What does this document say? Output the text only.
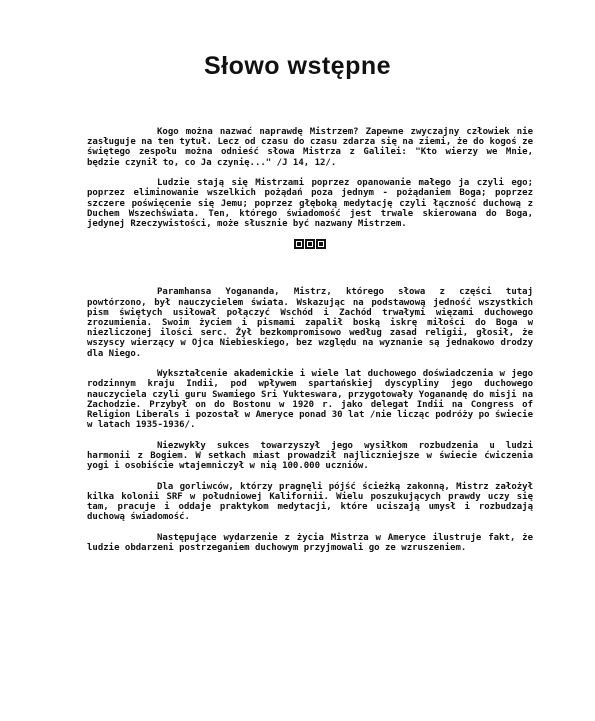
Słowo wstępne

Kogo można nazwać naprawdę Mistrzem? Zapewne zwyczajny człowiek nie zasługuje na ten tytuł. Lecz od czasu do czasu zdarza się na ziemi, że do kogoś ze świętego zespołu można odnieść słowa Mistrza z Galilei: "Kto wierzy we Mnie, będzie czynił to, co Ja czynię..." /J 14, 12/.

Ludzie stają się Mistrzami poprzez opanowanie małego ja czyli ego; poprzez eliminowanie wszelkich pożądań poza jednym - pożądaniem Boga; poprzez szczere poświęcenie się Jemu; poprzez głęboką medytację czyli łączność duchową z Duchem Wszechświata. Ten, którego świadomość jest trwale skierowana do Boga, jedynej Rzeczywistości, może słusznie być nazwany Mistrzem.

Paramhansa Yogananda, Mistrz, którego słowa z części tutaj powtórzono, był nauczycielem świata. Wskazując na podstawową jedność wszystkich pism świętych usiłował połączyć Wschód i Zachód trwałymi więzami duchowego zrozumienia. Swoim życiem i pismami zapalił boską iskrę miłości do Boga w niezliczonej ilości serc. Żył bezkompromisowo według zasad religii, głosił, że wszyscy wierzący w Ojca Niebieskiego, bez względu na wyznanie są jednakowo drodzy dla Niego.

Wykształcenie akademickie i wiele lat duchowego doświadczenia w jego rodzinnym kraju Indii, pod wpływem spartańskiej dyscypliny jego duchowego nauczyciela czyli guru Swamiego Sri Yukteswara, przygotowały Yoganandę do misji na Zachodzie. Przybył on do Bostonu w 1920 r. jako delegat Indii na Congress of Religion Liberals i pozostał w Ameryce ponad 30 lat /nie licząc podróży po świecie w latach 1935-1936/.

Niezwykły sukces towarzyszył jego wysiłkom rozbudzenia u ludzi harmonii z Bogiem. W setkach miast prowadził najliczniejsze w świecie ćwiczenia yogi i osobiście wtajemniczył w nią 100.000 uczniów.

Dla gorliwców, którzy pragnęli pójść ścieżką zakonną, Mistrz założył kilka kolonii SRF w południowej Kalifornii. Wielu poszukujących prawdy uczy się tam, pracuje i oddaje praktykom medytacji, które uciszają umysł i rozbudzają duchową świadomość.

Następujące wydarzenie z życia Mistrza w Ameryce ilustruje fakt, że ludzie obdarzeni postrzeganiem duchowym przyjmowali go ze wzruszeniem.
